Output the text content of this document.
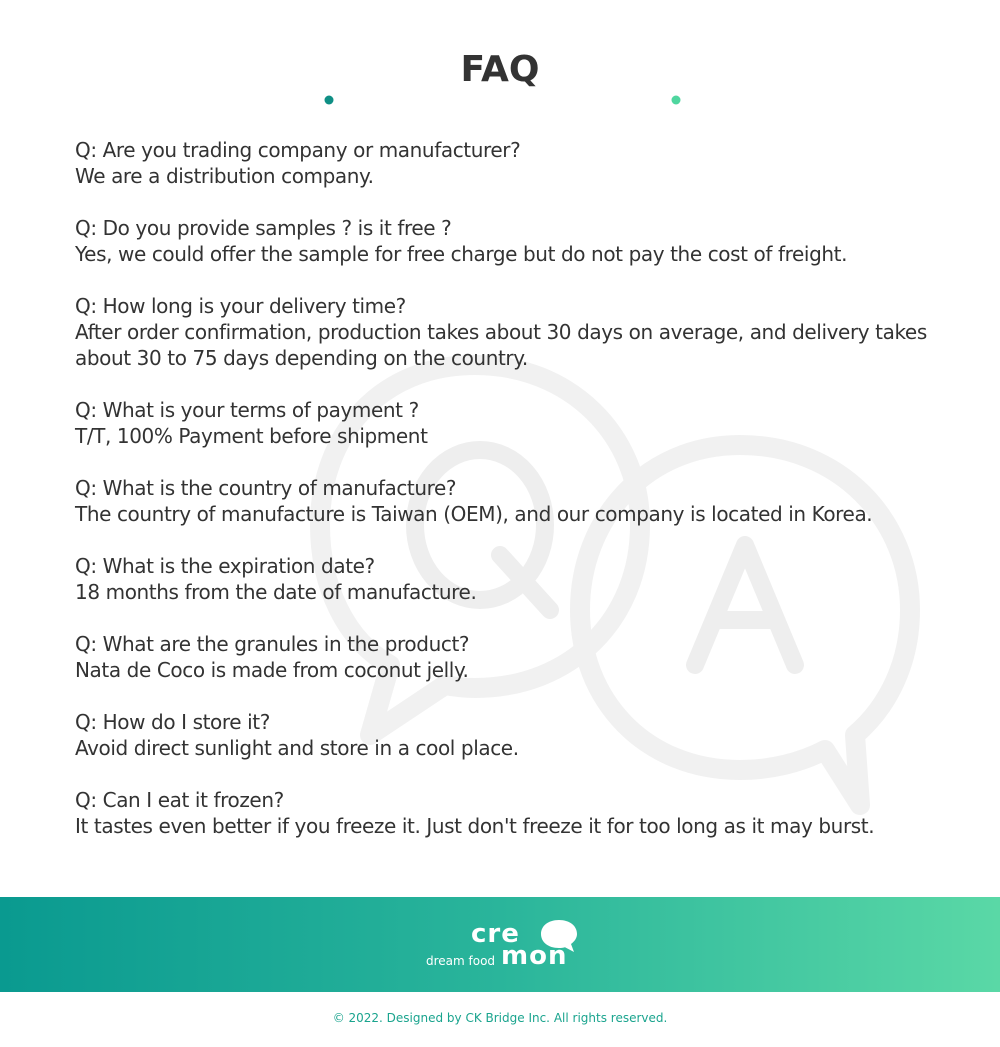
FAQ
Q: Are you trading company or manufacturer?
We are a distribution company.
Q: Do you provide samples ? is it free ?
Yes, we could offer the sample for free charge but do not pay the cost of freight.
Q: How long is your delivery time?
After order confirmation, production takes about 30 days on average, and delivery takes about 30 to 75 days depending on the country.
Q: What is your terms of payment ?
T/T, 100% Payment before shipment
Q: What is the country of manufacture?
The country of manufacture is Taiwan (OEM), and our company is located in Korea.
Q: What is the expiration date?
18 months from the date of manufacture.
Q: What are the granules in the product?
Nata de Coco is made from coconut jelly.
Q: How do I store it?
Avoid direct sunlight and store in a cool place.
Q: Can I eat it frozen?
It tastes even better if you freeze it. Just don't freeze it for too long as it may burst.
cre
mon
dream food
© 2022. Designed by CK Bridge Inc. All rights reserved.
